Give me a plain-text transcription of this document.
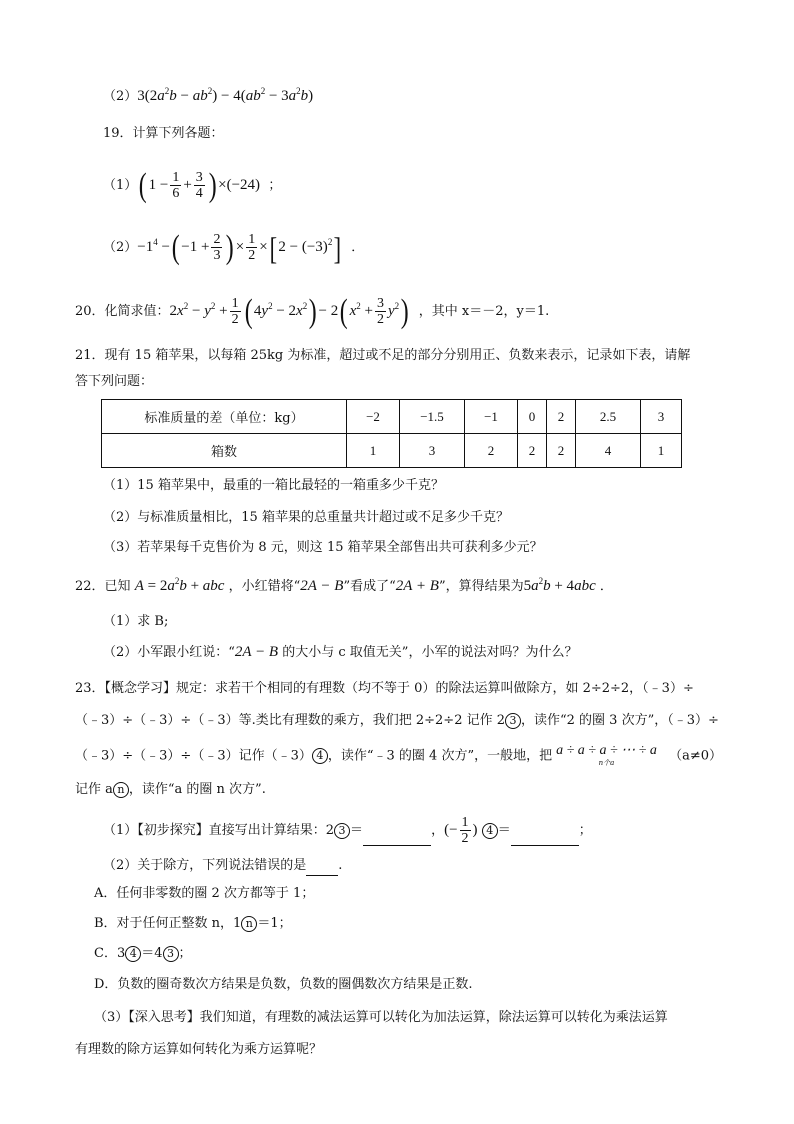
$(2)3(2a^2b - ab^2) - 4(ab^2 - 3a^2b)$
19．计算下列各题：
（1）( $1 - \frac{1}{6} + \frac{3}{4}$ ) ×(−24) ；
$(2)-1^4$ −( $-1 + \frac{2}{3}$ ) × $\frac{1}{2}$ ×[ $2 - (-3)^2$] ．
20．化简求值：$2x^2 - y^2 + \frac{1}{2}$ ( $4y^2 - 2x^2) - 2$( $x^2 + \frac{3}{2} y^2$) ，其中 x＝－2，y＝1.
21．现有 15 箱苹果，以每箱 25kg 为标准，超过或不足的部分分别用正、负数来表示，记录如下表，请解
答下列问题：
标准质量的差（单位：kg）	−2	−1.5	−1	0	2	2.5	3
箱数	1	3	2	2	2	4	1
（1）15 箱苹果中，最重的一箱比最轻的一箱重多少千克？
（2）与标准质量相比，15 箱苹果的总重量共计超过或不足多少千克？
（3）若苹果每千克售价为 8 元，则这 15 箱苹果全部售出共可获利多少元？
22．已知 $A = 2a^2b$ + abc ，小红错将“2A − B”看成了“2A + B”，算得结果为$5a^2b + 4abc$ ．
（1）求 B;
（2）小军跟小红说：“2A − B 的大小与 c 取值无关”，小军的说法对吗？为什么？
23．【概念学习】规定：求若干个相同的有理数（均不等于 0）的除法运算叫做除方，如 2÷2÷2，（﹣3）÷
（﹣3）÷（﹣3）÷（﹣3）等.类比有理数的乘方，我们把 2÷2÷2 记作 2 3 ，读作“2 的圈 3 次方”，（﹣3）÷
（﹣3）÷（﹣3）÷（﹣3）记作（﹣3） 4 ，读作“﹣3 的圈 4 次方”，一般地，把 a ÷ a ÷ a ÷ ⋯ ÷ a
n个a	（a≠0）
记作 a n ，读作“a 的圈 n 次方”.
（1）【初步探究】直接写出计算结果：2 3 ＝	，(− $\frac{1}{2}$ ) 4 ＝	；
（2）关于除方，下列说法错误的是 .
A．任何非零数的圈 2 次方都等于 1；
B．对于任何正整数 n，1 n ＝1；
C．3 4 ＝4 3 ；
D．负数的圈奇数次方结果是负数，负数的圈偶数次方结果是正数.
（3）【深入思考】我们知道，有理数的减法运算可以转化为加法运算，除法运算可以转化为乘法运算
有理数的除方运算如何转化为乘方运算呢？
